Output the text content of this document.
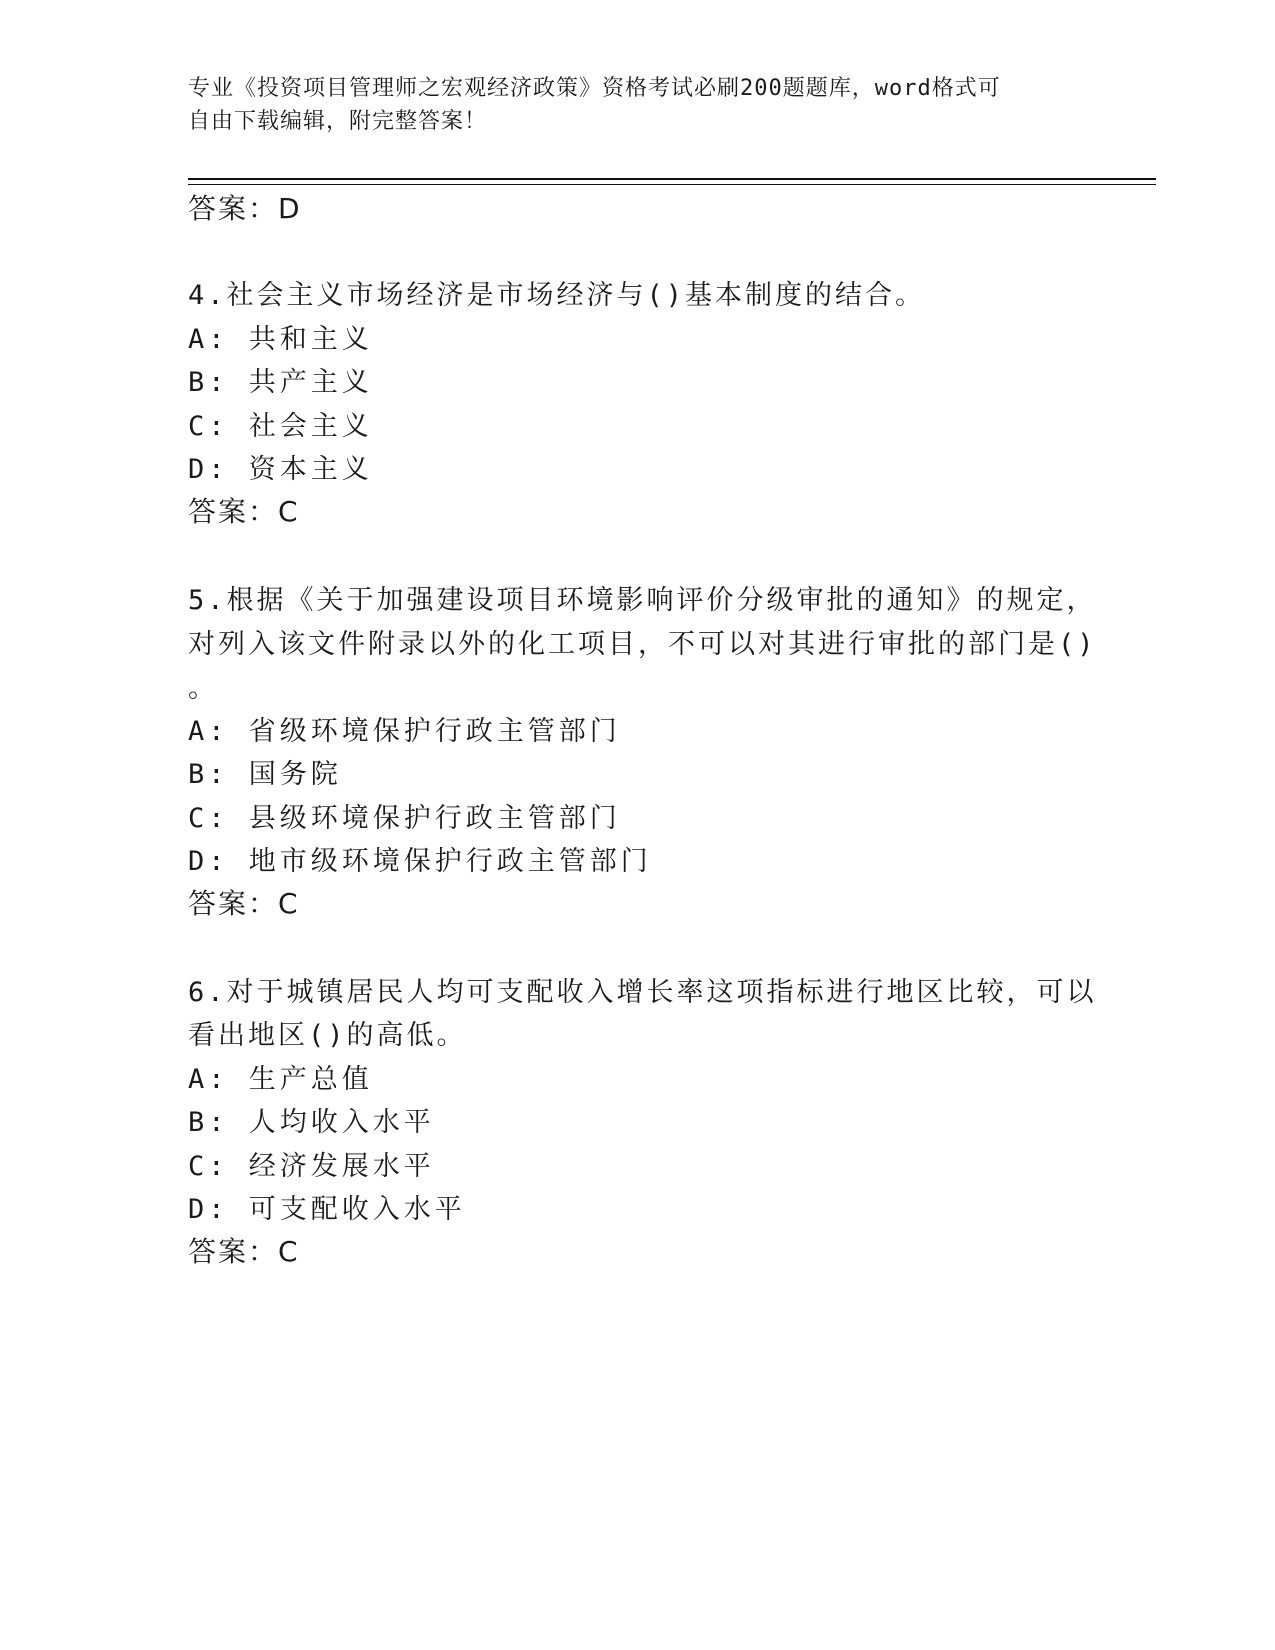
专业《投资项目管理师之宏观经济政策》资格考试必刷200题题库，word格式可
自由下载编辑，附完整答案！
答案：D
4.社会主义市场经济是市场经济与()基本制度的结合。
A: 共和主义
B: 共产主义
C: 社会主义
D: 资本主义
答案：C
5.根据《关于加强建设项目环境影响评价分级审批的通知》的规定，
对列入该文件附录以外的化工项目，不可以对其进行审批的部门是()
。
A: 省级环境保护行政主管部门
B: 国务院
C: 县级环境保护行政主管部门
D: 地市级环境保护行政主管部门
答案：C
6.对于城镇居民人均可支配收入增长率这项指标进行地区比较，可以
看出地区()的高低。
A: 生产总值
B: 人均收入水平
C: 经济发展水平
D: 可支配收入水平
答案：C
